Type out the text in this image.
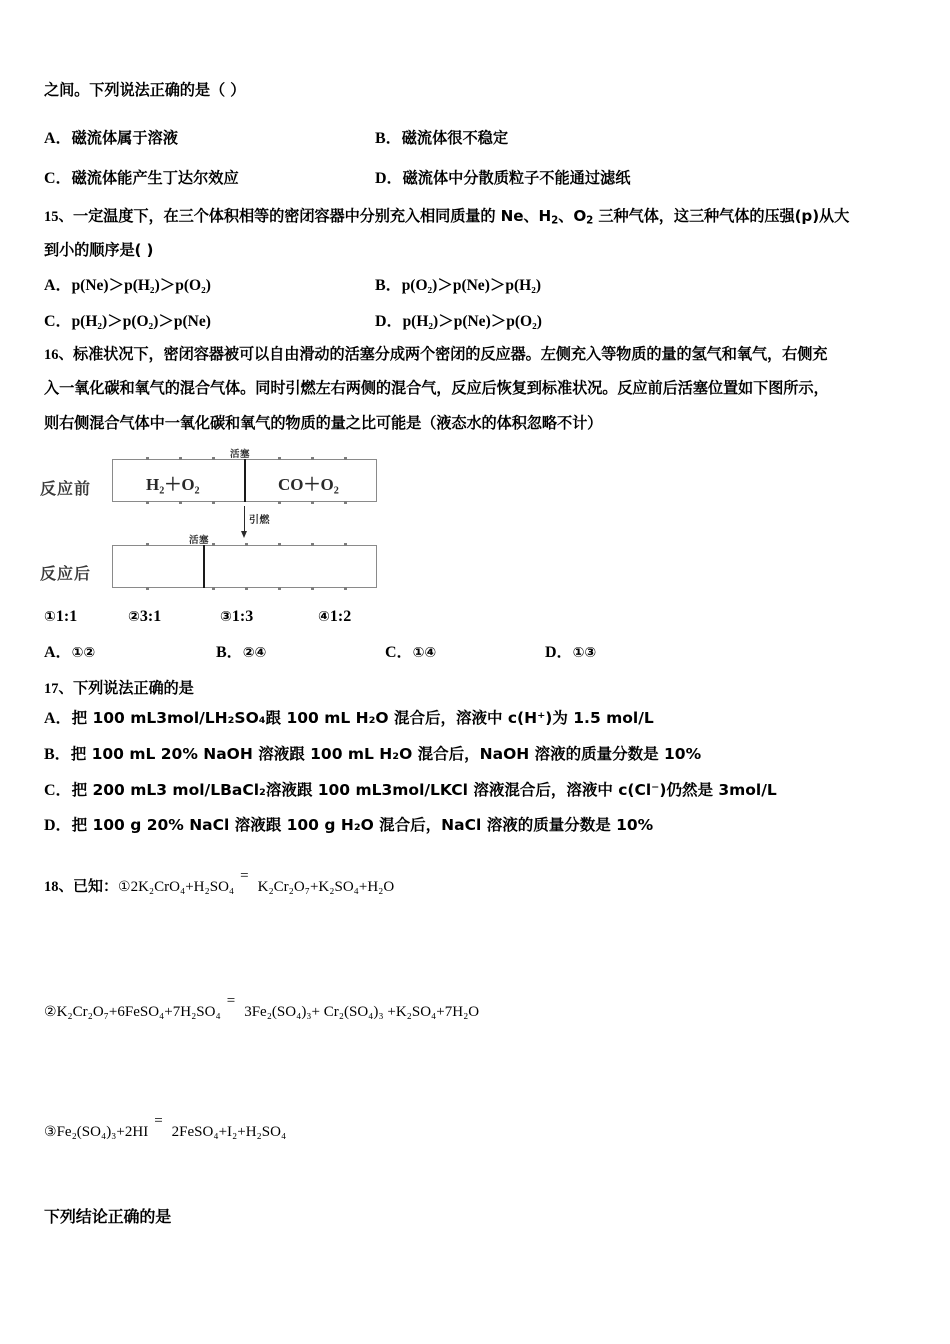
之间。下列说法正确的是（ ）
A．磁流体属于溶液	B．磁流体很不稳定
C．磁流体能产生丁达尔效应	D．磁流体中分散质粒子不能通过滤纸
15、一定温度下，在三个体积相等的密闭容器中分别充入相同质量的 Ne、$H_2$、$O_2$ 三种气体，这三种气体的压强(p)从大
到小的顺序是( )
A．p(Ne)＞p(H₂)＞p(O₂)	B．p(O₂)＞p(Ne)＞p(H₂)
C．p(H₂)＞p(O₂)＞p(Ne)	D．p(H₂)＞p(Ne)＞p(O₂)
16、标准状况下，密闭容器被可以自由滑动的活塞分成两个密闭的反应器。左侧充入等物质的量的氢气和氧气，右侧充
入一氧化碳和氧气的混合气体。同时引燃左右两侧的混合气，反应后恢复到标准状况。反应前后活塞位置如下图所示，
则右侧混合气体中一氧化碳和氧气的物质的量之比可能是（液态水的体积忽略不计）
反应前
活塞
H₂＋O₂	CO＋O₂
引燃
反应后
活塞
①1:1	②3:1	③1:3	④1:2
A．①②	B．②④	C．①④	D．①③
17、下列说法正确的是
A．把 100 mL3mol/LH₂SO₄跟 100 mL H₂O 混合后，溶液中 c(H⁺)为 1.5 mol/L
B．把 100 mL 20% NaOH 溶液跟 100 mL H₂O 混合后，NaOH 溶液的质量分数是 10%
C．把 200 mL3 mol/LBaCl₂溶液跟 100 mL3mol/LKCl 溶液混合后，溶液中 c(Cl⁻)仍然是 3mol/L
D．把 100 g 20% NaCl 溶液跟 100 g H₂O 混合后，NaCl 溶液的质量分数是 10%
18、已知：①2K₂CrO₄+H₂SO₄=K₂Cr₂O₇+K₂SO₄+H₂O
②K₂Cr₂O₇+6FeSO₄+7H₂SO₄=3Fe₂(SO₄)₃+ Cr₂(SO₄)₃ +K₂SO₄+7H₂O
③Fe₂(SO₄)₃+2HI=2FeSO₄+I₂+H₂SO₄
下列结论正确的是
